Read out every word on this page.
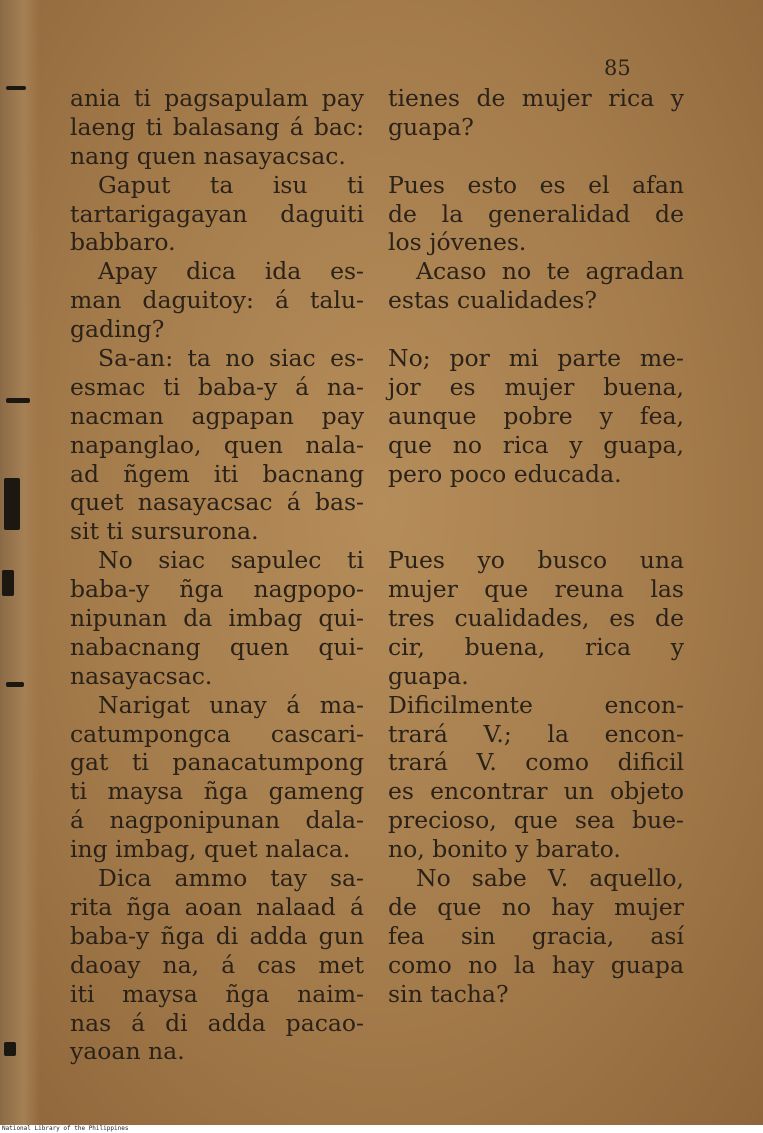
85
ania ti pagsapulam pay
laeng ti balasang á bac:
nang quen nasayacsac.
Gaput ta isu ti
tartarigagayan daguiti
babbaro.
Apay dica ida es-
man daguitoy: á talu-
gading?
Sa-an: ta no siac es-
esmac ti baba-y á na-
nacman agpapan pay
napanglao, quen nala-
ad ñgem iti bacnang
quet nasayacsac á bas-
sit ti sursurona.
No siac sapulec ti
baba-y ñga nagpopo-
nipunan da imbag qui-
nabacnang quen qui-
nasayacsac.
Narigat unay á ma-
catumpongca cascari-
gat ti panacatumpong
ti maysa ñga gameng
á nagponipunan dala-
ing imbag, quet nalaca.
Dica ammo tay sa-
rita ñga aoan nalaad á
baba-y ñga di adda gun
daoay na, á cas met
iti maysa ñga naim-
nas á di adda pacao-
yaoan na.
tienes de mujer rica y
guapa?
Pues esto es el afan
de la generalidad de
los jóvenes.
Acaso no te agradan
estas cualidades?
No; por mi parte me-
jor es mujer buena,
aunque pobre y fea,
que no rica y guapa,
pero poco educada.
Pues yo busco una
mujer que reuna las
tres cualidades, es de
cir, buena, rica y
guapa.
Dificilmente encon-
trará V.; la encon-
trará V. como dificil
es encontrar un objeto
precioso, que sea bue-
no, bonito y barato.
No sabe V. aquello,
de que no hay mujer
fea sin gracia, así
como no la hay guapa
sin tacha?
National Library of the Philippines
